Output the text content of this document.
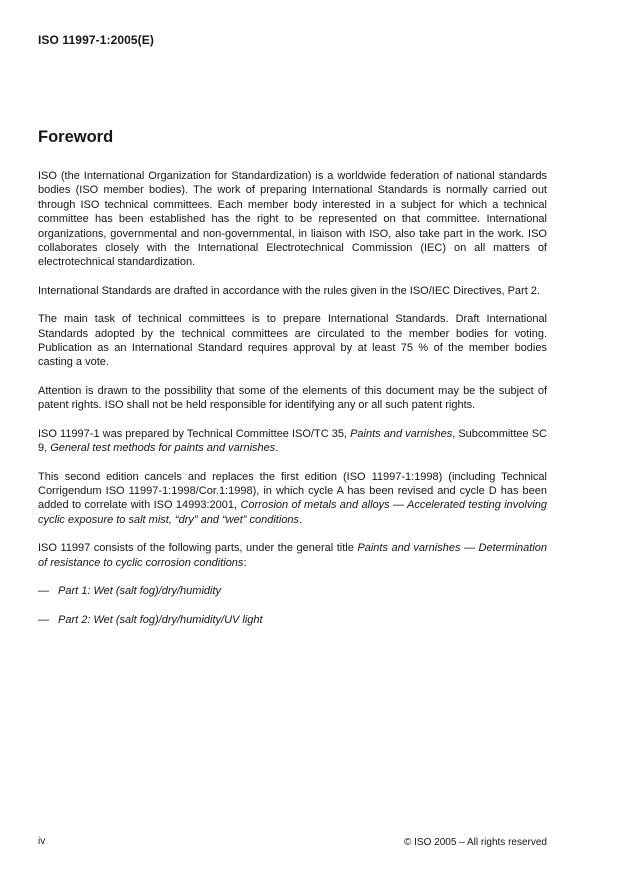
ISO 11997-1:2005(E)
Foreword

ISO (the International Organization for Standardization) is a worldwide federation of national standards bodies (ISO member bodies). The work of preparing International Standards is normally carried out through ISO technical committees. Each member body interested in a subject for which a technical committee has been established has the right to be represented on that committee. International organizations, governmental and non-governmental, in liaison with ISO, also take part in the work. ISO collaborates closely with the International Electrotechnical Commission (IEC) on all matters of electrotechnical standardization.

International Standards are drafted in accordance with the rules given in the ISO/IEC Directives, Part 2.

The main task of technical committees is to prepare International Standards. Draft International Standards adopted by the technical committees are circulated to the member bodies for voting. Publication as an International Standard requires approval by at least 75 % of the member bodies casting a vote.

Attention is drawn to the possibility that some of the elements of this document may be the subject of patent rights. ISO shall not be held responsible for identifying any or all such patent rights.

ISO 11997-1 was prepared by Technical Committee ISO/TC 35, Paints and varnishes, Subcommittee SC 9, General test methods for paints and varnishes.

This second edition cancels and replaces the first edition (ISO 11997-1:1998) (including Technical Corrigendum ISO 11997-1:1998/Cor.1:1998), in which cycle A has been revised and cycle D has been added to correlate with ISO 14993:2001, Corrosion of metals and alloys — Accelerated testing involving cyclic exposure to salt mist, “dry” and “wet” conditions.

ISO 11997 consists of the following parts, under the general title Paints and varnishes — Determination of resistance to cyclic corrosion conditions:

— Part 1: Wet (salt fog)/dry/humidity
— Part 2: Wet (salt fog)/dry/humidity/UV light
iv	© ISO 2005 – All rights reserved
